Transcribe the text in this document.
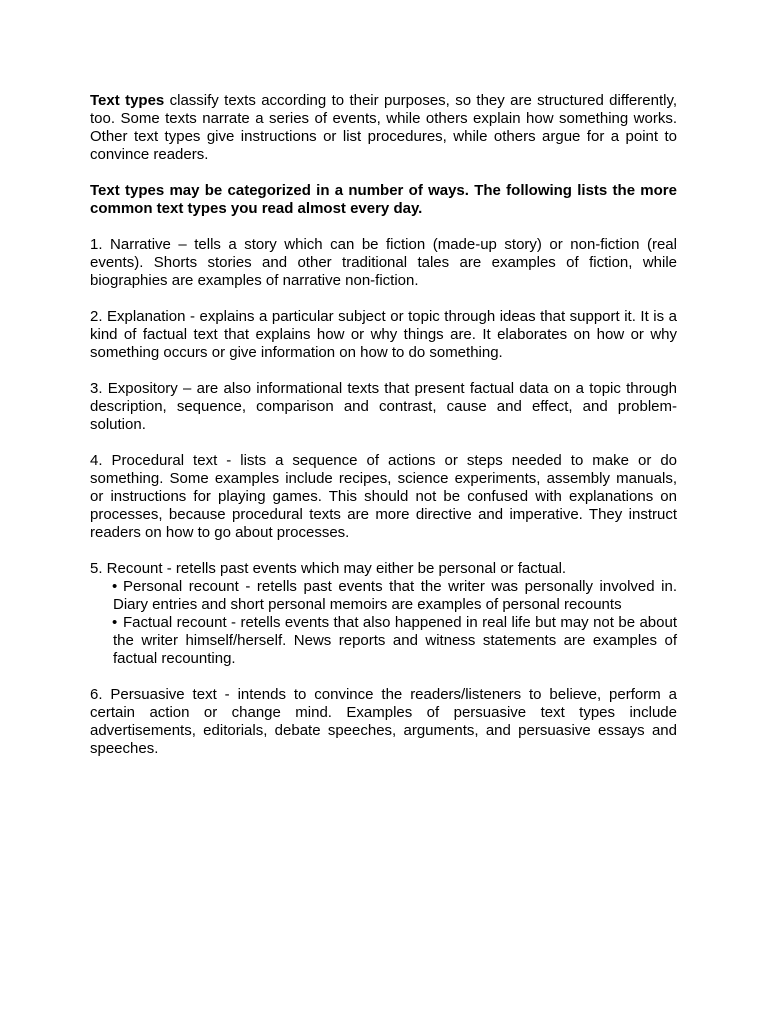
Text types classify texts according to their purposes, so they are structured differently, too. Some texts narrate a series of events, while others explain how something works. Other text types give instructions or list procedures, while others argue for a point to convince readers.

Text types may be categorized in a number of ways. The following lists the more common text types you read almost every day.

1. Narrative – tells a story which can be fiction (made-up story) or non-fiction (real events). Shorts stories and other traditional tales are examples of fiction, while biographies are examples of narrative non-fiction.

2. Explanation - explains a particular subject or topic through ideas that support it. It is a kind of factual text that explains how or why things are. It elaborates on how or why something occurs or give information on how to do something.

3. Expository – are also informational texts that present factual data on a topic through description, sequence, comparison and contrast, cause and effect, and problem-solution.

4. Procedural text - lists a sequence of actions or steps needed to make or do something. Some examples include recipes, science experiments, assembly manuals, or instructions for playing games. This should not be confused with explanations on processes, because procedural texts are more directive and imperative. They instruct readers on how to go about processes.

5. Recount - retells past events which may either be personal or factual.

• Personal recount - retells past events that the writer was personally involved in. Diary entries and short personal memoirs are examples of personal recounts

• Factual recount - retells events that also happened in real life but may not be about the writer himself/herself. News reports and witness statements are examples of factual recounting.

6. Persuasive text - intends to convince the readers/listeners to believe, perform a certain action or change mind. Examples of persuasive text types include advertisements, editorials, debate speeches, arguments, and persuasive essays and speeches.
